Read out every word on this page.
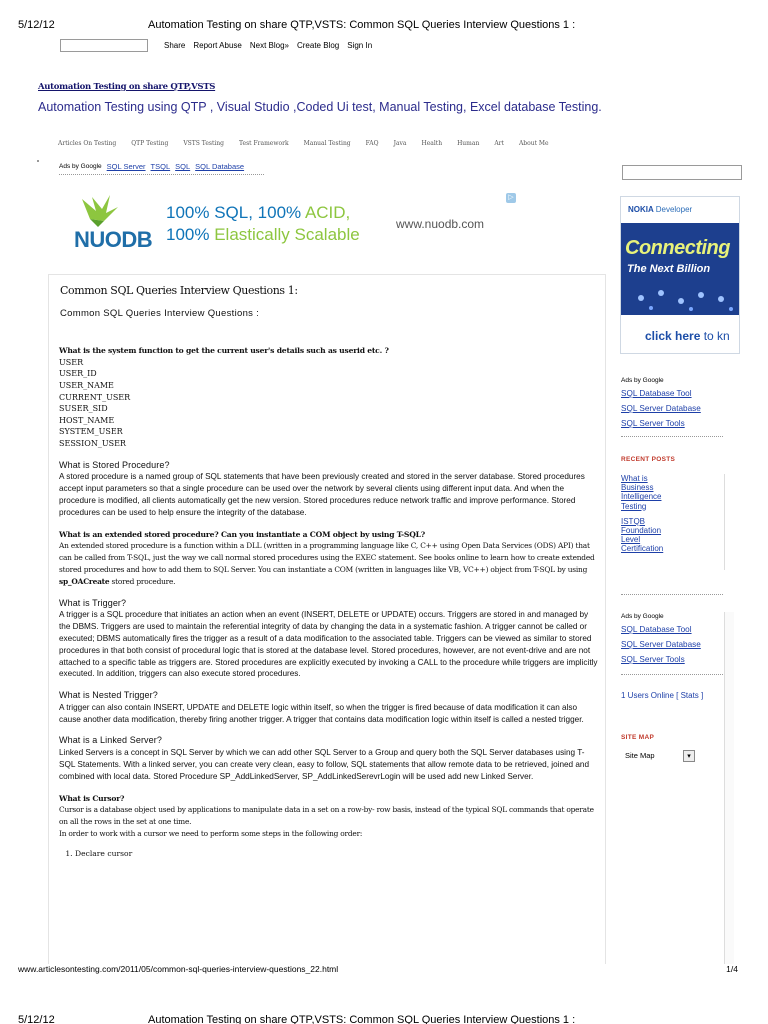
5/12/12	Automation Testing on share QTP,VSTS: Common SQL Queries Interview Questions 1 :
Share Report Abuse Next Blog» Create Blog Sign In
Automation Testing on share QTP,VSTS
Automation Testing using QTP , Visual Studio ,Coded Ui test, Manual Testing, Excel database Testing.
Articles On Testing	QTP Testing	VSTS Testing	Test Framework	Manual Testing	FAQ	Java	Health	Human	Art	About Me
Ads by Google SQL Server TSQL SQL SQL Database
NUODB
100% SQL, 100% ACID,
100% Elastically Scalable
www.nuodb.com
▷
Common SQL Queries Interview Questions 1:
Common SQL Queries Interview Questions :
What is the system function to get the current user's details such as userid etc. ?
USER
USER_ID
USER_NAME
CURRENT_USER
SUSER_SID
HOST_NAME
SYSTEM_USER
SESSION_USER
What is Stored Procedure?

A stored procedure is a named group of SQL statements that have been previously created and stored in the server database. Stored procedures accept input parameters so that a single procedure can be used over the network by several clients using different input data. And when the procedure is modified, all clients automatically get the new version. Stored procedures reduce network traffic and improve performance. Stored procedures can be used to help ensure the integrity of the database.

What is an extended stored procedure? Can you instantiate a COM object by using T-SQL?

An extended stored procedure is a function within a DLL (written in a programming language like C, C++ using Open Data Services (ODS) API) that can be called from T-SQL, just the way we call normal stored procedures using the EXEC statement. See books online to learn how to create extended stored procedures and how to add them to SQL Server. You can instantiate a COM (written in languages like VB, VC++) object from T-SQL by using sp_OACreate stored procedure.

What is Trigger?

A trigger is a SQL procedure that initiates an action when an event (INSERT, DELETE or UPDATE) occurs. Triggers are stored in and managed by the DBMS. Triggers are used to maintain the referential integrity of data by changing the data in a systematic fashion. A trigger cannot be called or executed; DBMS automatically fires the trigger as a result of a data modification to the associated table. Triggers can be viewed as similar to stored procedures in that both consist of procedural logic that is stored at the database level. Stored procedures, however, are not event-drive and are not attached to a specific table as triggers are. Stored procedures are explicitly executed by invoking a CALL to the procedure while triggers are implicitly executed. In addition, triggers can also execute stored procedures.

What is Nested Trigger?

A trigger can also contain INSERT, UPDATE and DELETE logic within itself, so when the trigger is fired because of data modification it can also cause another data modification, thereby firing another trigger. A trigger that contains data modification logic within itself is called a nested trigger.

What is a Linked Server?

Linked Servers is a concept in SQL Server by which we can add other SQL Server to a Group and query both the SQL Server databases using T-SQL Statements. With a linked server, you can create very clean, easy to follow, SQL statements that allow remote data to be retrieved, joined and combined with local data. Stored Procedure SP_AddLinkedServer, SP_AddLinkedSerevrLogin will be used add new Linked Server.

What is Cursor?
Cursor is a database object used by applications to manipulate data in a set on a row-by- row basis, instead of the typical SQL commands that operate on all the rows in the set at one time.
In order to work with a cursor we need to perform some steps in the following order:
1. Declare cursor
NOKIA Developer
Connecting
The Next Billion
click here to kn
Ads by Google
SQL Database Tool
SQL Server Database
SQL Server Tools
RECENT POSTS
What is Business Intelligence Testing
ISTQB Foundation Level Certification
Ads by Google
SQL Database Tool
SQL Server Database
SQL Server Tools
1 Users Online [ Stats ]
SITE MAP
Site Map	▾
www.articlesontesting.com/2011/05/common-sql-queries-interview-questions_22.html	1/4
5/12/12	Automation Testing on share QTP,VSTS: Common SQL Queries Interview Questions 1 :
